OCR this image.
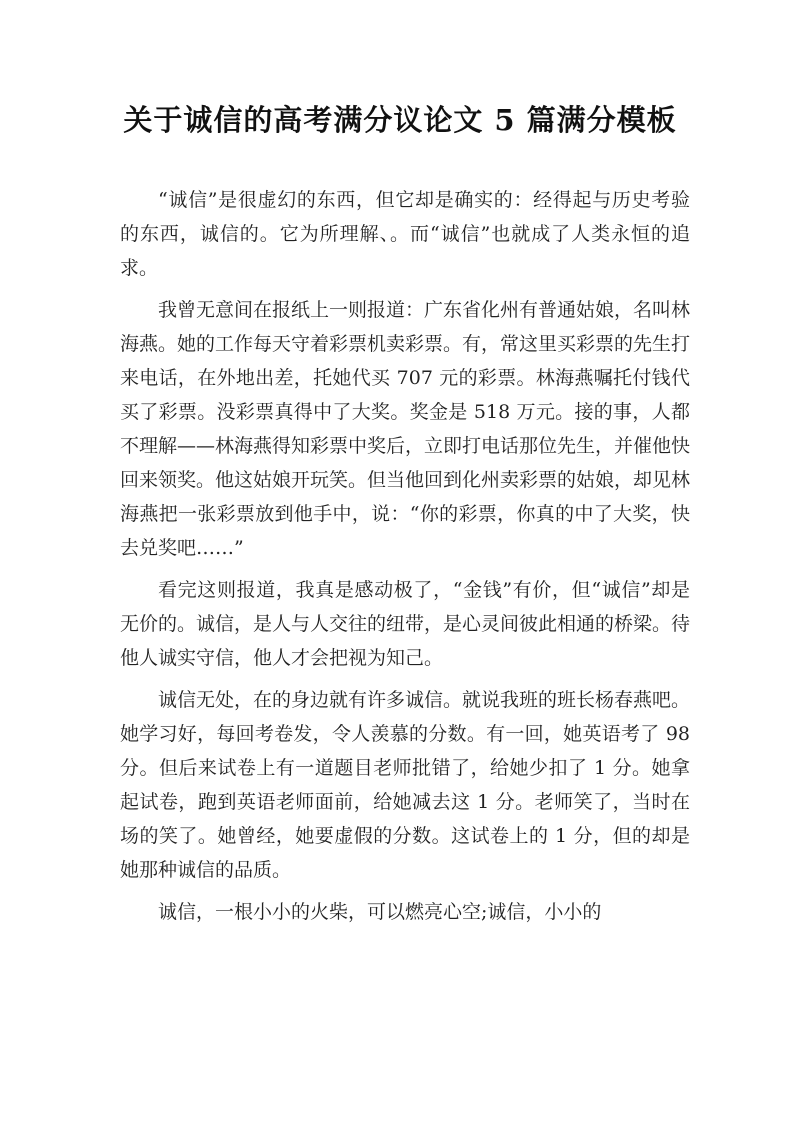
关于诚信的高考满分议论文 5 篇满分模板

“诚信”是很虚幻的东西，但它却是确实的：经得起与历史考验的东西，诚信的。它为所理解、。而“诚信”也就成了人类永恒的追求。

我曾无意间在报纸上一则报道：广东省化州有普通姑娘，名叫林海燕。她的工作每天守着彩票机卖彩票。有，常这里买彩票的先生打来电话，在外地出差，托她代买 707 元的彩票。林海燕嘱托付钱代买了彩票。没彩票真得中了大奖。奖金是 518 万元。接的事，人都不理解——林海燕得知彩票中奖后，立即打电话那位先生，并催他快回来领奖。他这姑娘开玩笑。但当他回到化州卖彩票的姑娘，却见林海燕把一张彩票放到他手中，说：“你的彩票，你真的中了大奖，快去兑奖吧……”

看完这则报道，我真是感动极了，“金钱”有价，但“诚信”却是无价的。诚信，是人与人交往的纽带，是心灵间彼此相通的桥梁。待他人诚实守信，他人才会把视为知己。

诚信无处，在的身边就有许多诚信。就说我班的班长杨春燕吧。她学习好，每回考卷发，令人羡慕的分数。有一回，她英语考了 98 分。但后来试卷上有一道题目老师批错了，给她少扣了 1 分。她拿起试卷，跑到英语老师面前，给她减去这 1 分。老师笑了，当时在场的笑了。她曾经，她要虚假的分数。这试卷上的 1 分，但的却是她那种诚信的品质。

诚信，一根小小的火柴，可以燃亮心空;诚信，小小的
